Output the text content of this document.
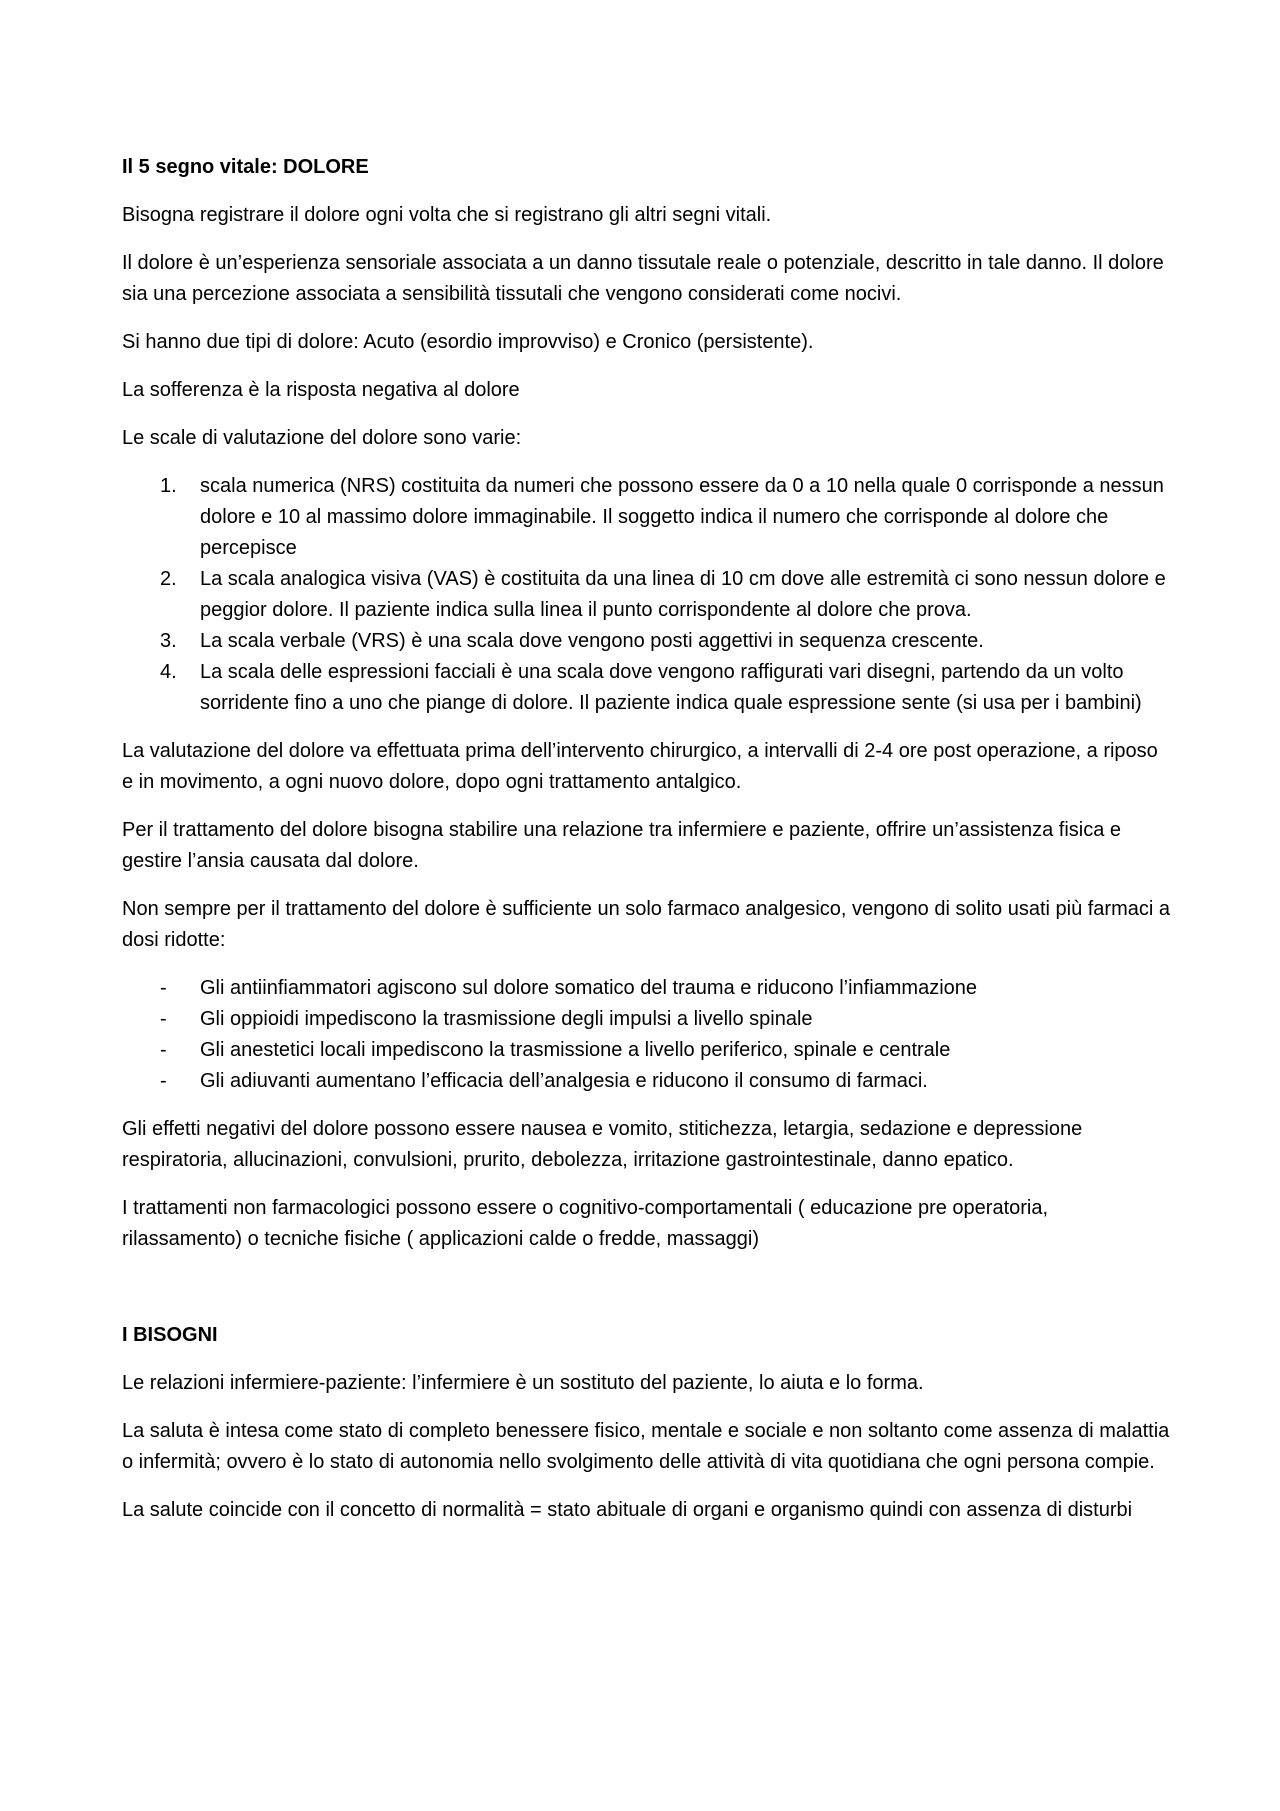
Il 5 segno vitale: DOLORE

Bisogna registrare il dolore ogni volta che si registrano gli altri segni vitali.

Il dolore è un’esperienza sensoriale associata a un danno tissutale reale o potenziale, descritto in tale danno. Il dolore sia una percezione associata a sensibilità tissutali che vengono considerati come nocivi.

Si hanno due tipi di dolore: Acuto (esordio improvviso) e Cronico (persistente).

La sofferenza è la risposta negativa al dolore

Le scale di valutazione del dolore sono varie:

1. scala numerica (NRS) costituita da numeri che possono essere da 0 a 10 nella quale 0 corrisponde a nessun dolore e 10 al massimo dolore immaginabile. Il soggetto indica il numero che corrisponde al dolore che percepisce
2. La scala analogica visiva (VAS) è costituita da una linea di 10 cm dove alle estremità ci sono nessun dolore e peggior dolore. Il paziente indica sulla linea il punto corrispondente al dolore che prova.
3. La scala verbale (VRS) è una scala dove vengono posti aggettivi in sequenza crescente.
4. La scala delle espressioni facciali è una scala dove vengono raffigurati vari disegni, partendo da un volto sorridente fino a uno che piange di dolore. Il paziente indica quale espressione sente (si usa per i bambini)

La valutazione del dolore va effettuata prima dell’intervento chirurgico, a intervalli di 2-4 ore post operazione, a riposo e in movimento, a ogni nuovo dolore, dopo ogni trattamento antalgico.

Per il trattamento del dolore bisogna stabilire una relazione tra infermiere e paziente, offrire un’assistenza fisica e gestire l’ansia causata dal dolore.

Non sempre per il trattamento del dolore è sufficiente un solo farmaco analgesico, vengono di solito usati più farmaci a dosi ridotte:

- Gli antiinfiammatori agiscono sul dolore somatico del trauma e riducono l’infiammazione
- Gli oppioidi impediscono la trasmissione degli impulsi a livello spinale
- Gli anestetici locali impediscono la trasmissione a livello periferico, spinale e centrale
- Gli adiuvanti aumentano l’efficacia dell’analgesia e riducono il consumo di farmaci.

Gli effetti negativi del dolore possono essere nausea e vomito, stitichezza, letargia, sedazione e depressione respiratoria, allucinazioni, convulsioni, prurito, debolezza, irritazione gastrointestinale, danno epatico.

I trattamenti non farmacologici possono essere o cognitivo-comportamentali ( educazione pre operatoria, rilassamento) o tecniche fisiche ( applicazioni calde o fredde, massaggi)

I BISOGNI

Le relazioni infermiere-paziente: l’infermiere è un sostituto del paziente, lo aiuta e lo forma.

La saluta è intesa come stato di completo benessere fisico, mentale e sociale e non soltanto come assenza di malattia o infermità; ovvero è lo stato di autonomia nello svolgimento delle attività di vita quotidiana che ogni persona compie.

La salute coincide con il concetto di normalità = stato abituale di organi e organismo quindi con assenza di disturbi
